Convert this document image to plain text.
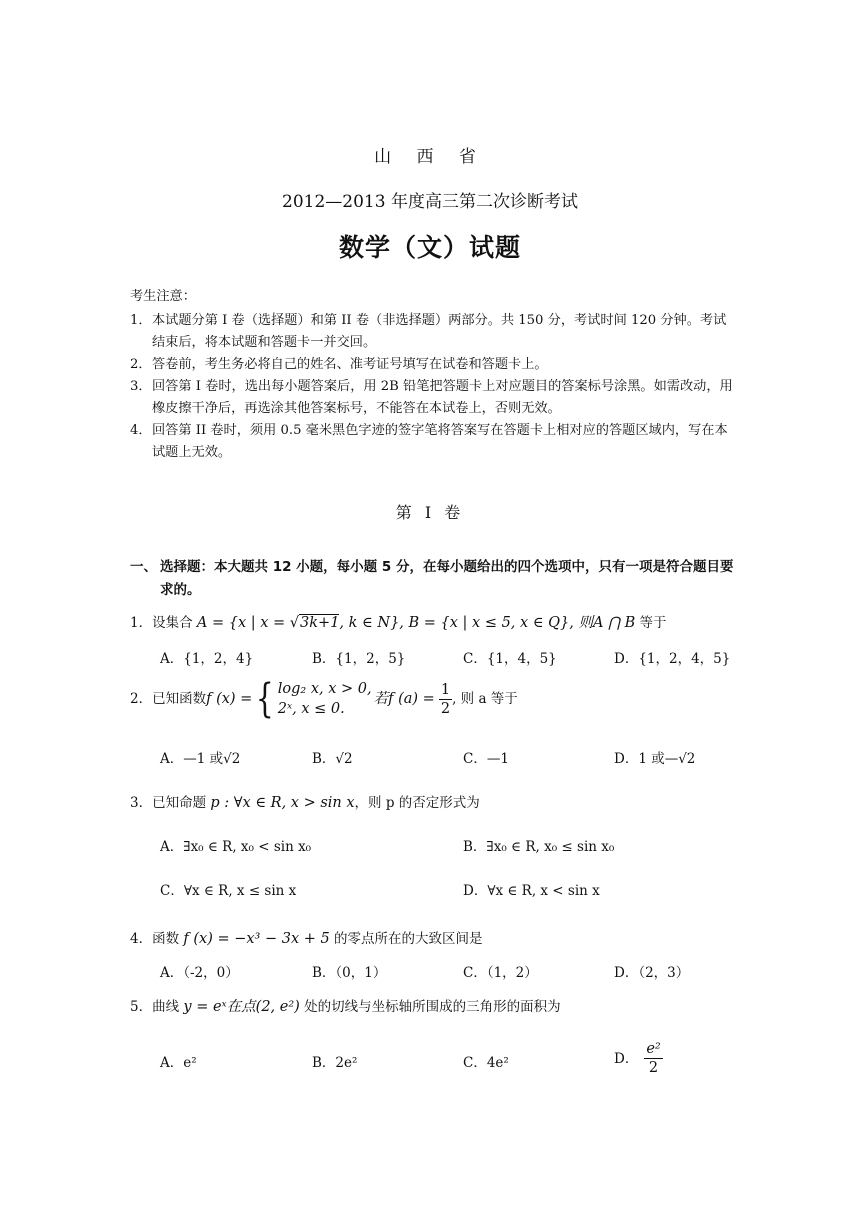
山 西 省
2012—2013 年度高三第二次诊断考试
数学（文）试题
考生注意：
1． 本试题分第 I 卷（选择题）和第 II 卷（非选择题）两部分。共 150 分，考试时间 120 分钟。考试结束后，将本试题和答题卡一并交回。
2． 答卷前，考生务必将自己的姓名、准考证号填写在试卷和答题卡上。
3． 回答第 I 卷时，选出每小题答案后，用 2B 铅笔把答题卡上对应题目的答案标号涂黑。如需改动，用橡皮擦干净后，再选涂其他答案标号，不能答在本试卷上，否则无效。
4． 回答第 II 卷时，须用 0.5 毫米黑色字迹的签字笔将答案写在答题卡上相对应的答题区域内，写在本试题上无效。
第 I 卷
一、 选择题：本大题共 12 小题，每小题 5 分，在每小题给出的四个选项中，只有一项是符合题目要求的。
1．设集合 A = {x | x = √3k+1, k ∈ N}, B = {x | x ≤ 5, x ∈ Q}, 则A ⋂ B 等于
A．{1，2，4}	B．{1，2，5}	C．{1，4，5}	D．{1，2，4，5}
2． 已知函数 f (x) = { log₂ x, x > 0,
2ˣ, x ≤ 0.
若f $(a) = \frac{1}{2}$ , 则 a 等于
A．—1 或√2	B．√2	C．—1	D．1 或—√2
3．已知命题 p : ∀x ∈ R, x > sin x，则 p 的否定形式为
A．∃x₀ ∈ R, x₀ < sin x₀	B．∃x₀ ∈ R, x₀ ≤ sin x₀
C．∀x ∈ R, x ≤ sin x	D．∀x ∈ R, x < sin x
4．函数 f (x) = −x³ − 3x + 5 的零点所在的大致区间是
A．（-2，0）	B．（0，1）	C．（1，2）	D．（2，3）
5．曲线 y = eˣ在点(2, e²) 处的切线与坐标轴所围成的三角形的面积为
A．e²	B．2e²	C．4e²	D． $\frac{\text{e²}}{2}$
